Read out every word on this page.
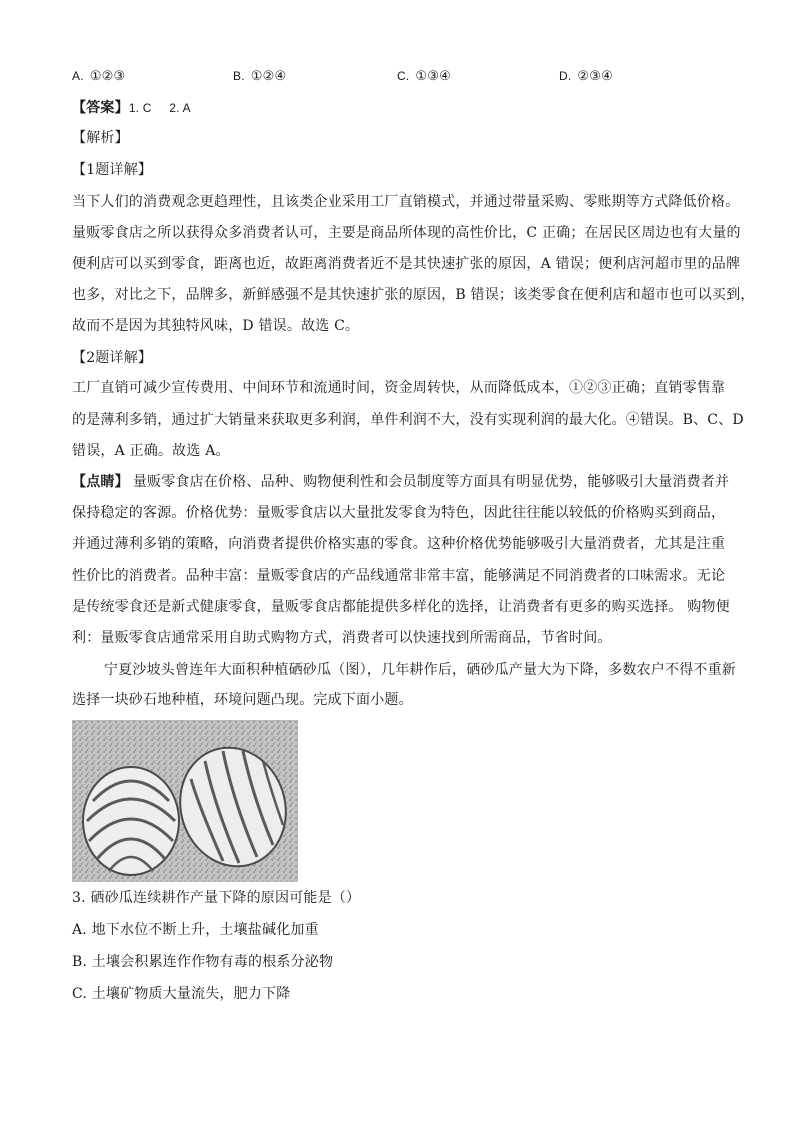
A. ①②③	B. ①②④	C. ①③④	D. ②③④
【答案】1. C     2. A
【解析】
【1题详解】
当下人们的消费观念更趋理性，且该类企业采用工厂直销模式，并通过带量采购、零账期等方式降低价格。
量贩零食店之所以获得众多消费者认可，主要是商品所体现的高性价比，C 正确；在居民区周边也有大量的
便利店可以买到零食，距离也近，故距离消费者近不是其快速扩张的原因，A 错误；便利店河超市里的品牌
也多，对比之下，品牌多，新鲜感强不是其快速扩张的原因，B 错误；该类零食在便利店和超市也可以买到，
故而不是因为其独特风味，D 错误。故选 C。
【2题详解】
工厂直销可减少宣传费用、中间环节和流通时间，资金周转快，从而降低成本，①②③正确；直销零售靠
的是薄利多销，通过扩大销量来获取更多利润，单件利润不大，没有实现利润的最大化。④错误。B、C、D
错误，A 正确。故选 A。
【点睛】 量贩零食店在价格、品种、购物便利性和会员制度等方面具有明显优势，能够吸引大量消费者并
保持稳定的客源。价格优势：量贩零食店以大量批发零食为特色，因此往往能以较低的价格购买到商品，
并通过薄利多销的策略，向消费者提供价格实惠的零食。这种价格优势能够吸引大量消费者，尤其是注重
性价比的消费者。品种丰富：量贩零食店的产品线通常非常丰富，能够满足不同消费者的口味需求。无论
是传统零食还是新式健康零食，量贩零食店都能提供多样化的选择，让消费者有更多的购买选择。 购物便
利：量贩零食店通常采用自助式购物方式，消费者可以快速找到所需商品，节省时间。
宁夏沙坡头曾连年大面积种植硒砂瓜（图），几年耕作后，硒砂瓜产量大为下降，多数农户不得不重新
选择一块砂石地种植，环境问题凸现。完成下面小题。
3. 硒砂瓜连续耕作产量下降的原因可能是（）
A. 地下水位不断上升，土壤盐碱化加重
B. 土壤会积累连作作物有毒的根系分泌物
C. 土壤矿物质大量流失，肥力下降
